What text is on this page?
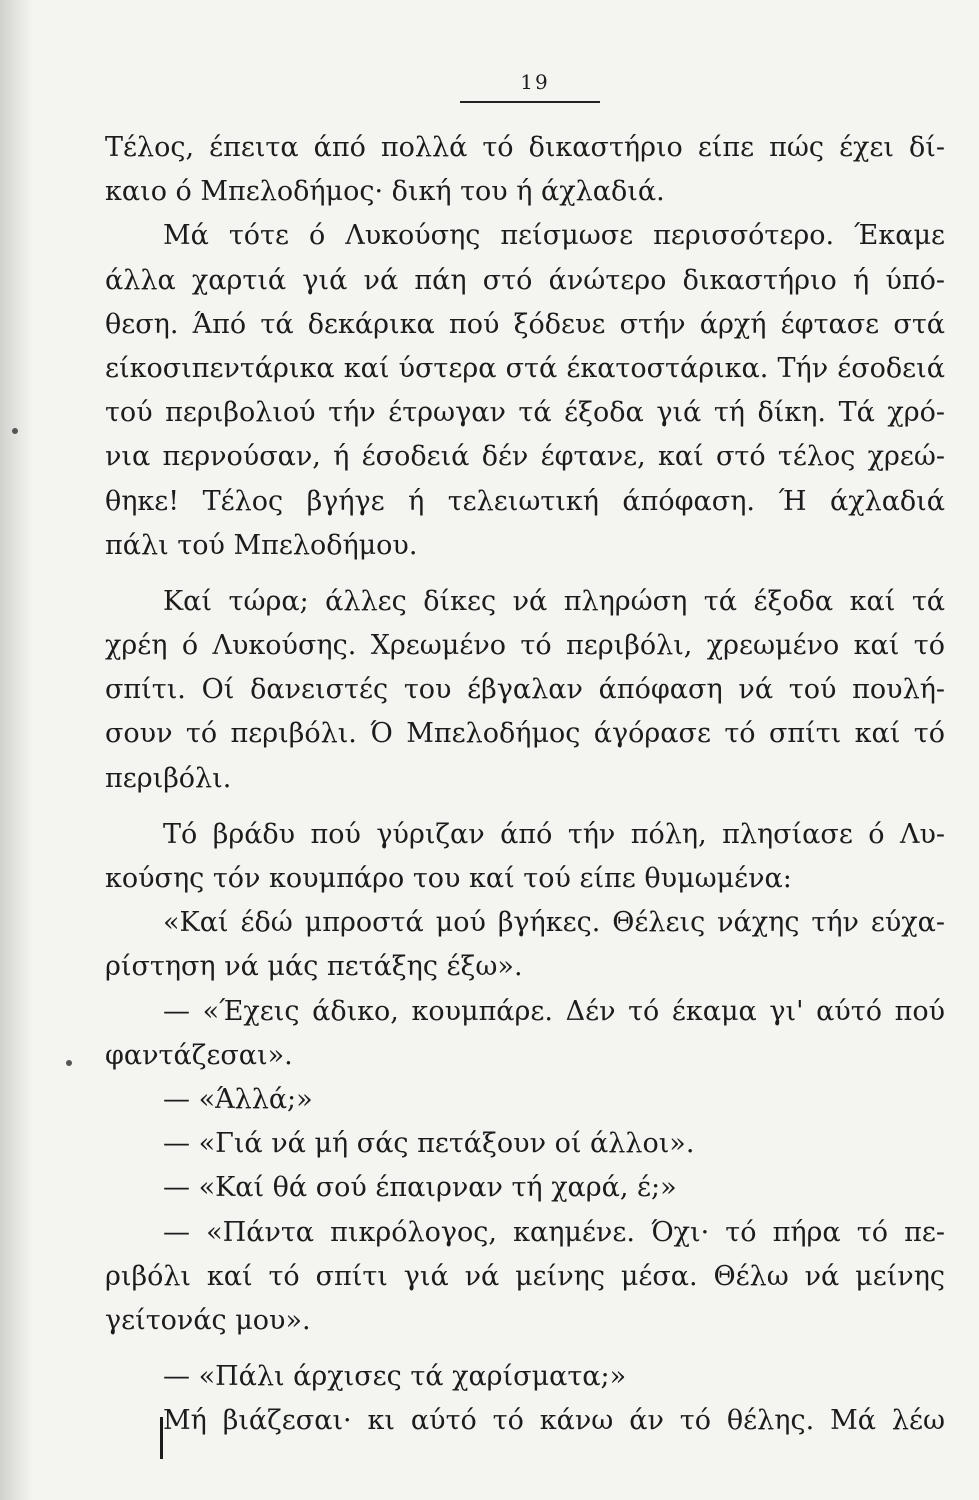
19
Τέλος, έπειτα άπό πολλά τό δικαστήριο είπε πώς έχει δί-
καιο ό Μπελοδήμος· δική του ή άχλαδιά.
Μά τότε ό Λυκούσης πείσμωσε περισσότερο. Έκαμε
άλλα χαρτιά γιά νά πάη στό άνώτερο δικαστήριο ή ύπό-
θεση. Άπό τά δεκάρικα πού ξόδευε στήν άρχή έφτασε στά
είκοσιπεντάρικα καί ύστερα στά έκατοστάρικα. Τήν έσοδειά
τού περιβολιού τήν έτρωγαν τά έξοδα γιά τή δίκη. Τά χρό-
νια περνούσαν, ή έσοδειά δέν έφτανε, καί στό τέλος χρεώ-
θηκε! Τέλος βγήγε ή τελειωτική άπόφαση. Ή άχλαδιά
πάλι τού Μπελοδήμου.
Καί τώρα; άλλες δίκες νά πληρώση τά έξοδα καί τά
χρέη ό Λυκούσης. Χρεωμένο τό περιβόλι, χρεωμένο καί τό
σπίτι. Οί δανειστές του έβγαλαν άπόφαση νά τού πουλή-
σουν τό περιβόλι. Ό Μπελοδήμος άγόρασε τό σπίτι καί τό
περιβόλι.
Τό βράδυ πού γύριζαν άπό τήν πόλη, πλησίασε ό Λυ-
κούσης τόν κουμπάρο του καί τού είπε θυμωμένα:
«Καί έδώ μπροστά μού βγήκες. Θέλεις νάχης τήν εύχα-
ρίστηση νά μάς πετάξης έξω».
— «Έχεις άδικο, κουμπάρε. Δέν τό έκαμα γι' αύτό πού
φαντάζεσαι».
— «Άλλά;»
— «Γιά νά μή σάς πετάξουν οί άλλοι».
— «Καί θά σού έπαιρναν τή χαρά, έ;»
— «Πάντα πικρόλογος, καημένε. Όχι· τό πήρα τό πε-
ριβόλι καί τό σπίτι γιά νά μείνης μέσα. Θέλω νά μείνης
γείτονάς μου».
— «Πάλι άρχισες τά χαρίσματα;»
Μή βιάζεσαι· κι αύτό τό κάνω άν τό θέλης. Μά λέω
